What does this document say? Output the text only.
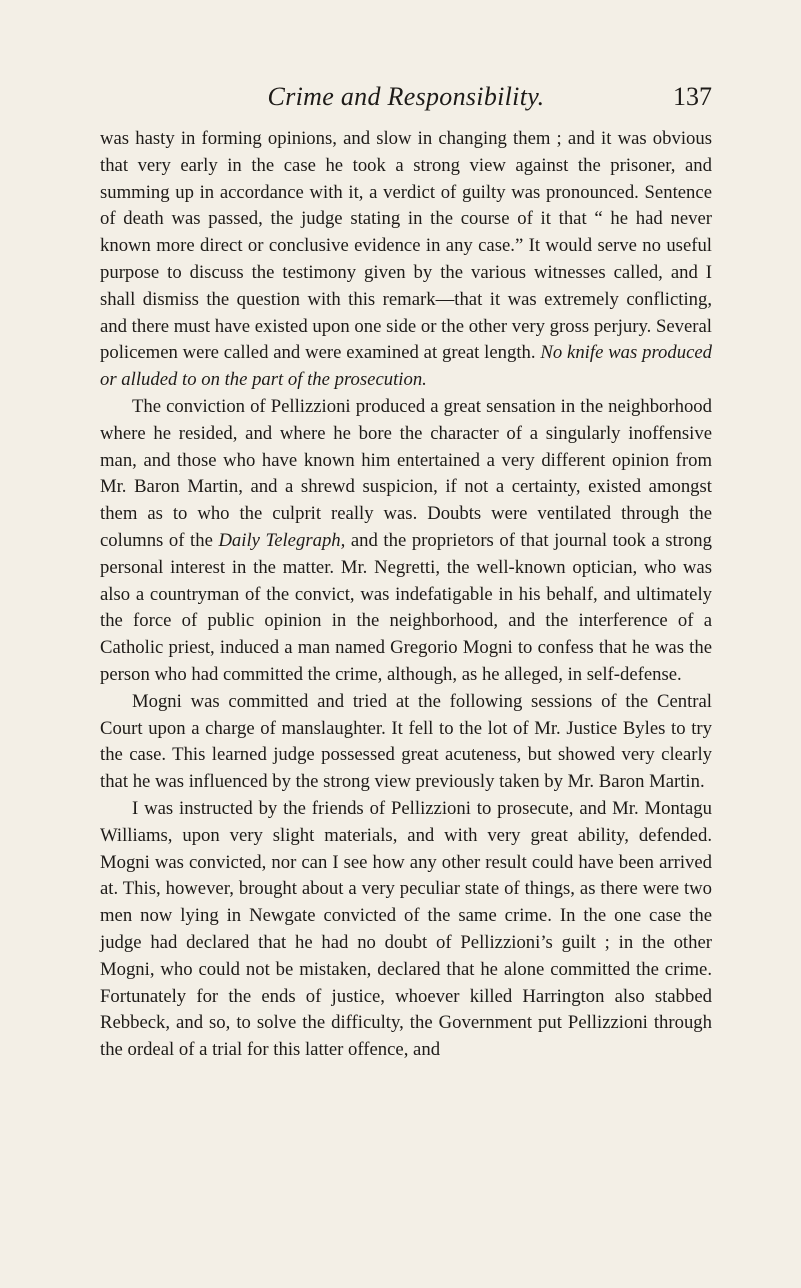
Crime and Responsibility.	137

was hasty in forming opinions, and slow in changing them ; and it was obvious that very early in the case he took a strong view against the prisoner, and summing up in accordance with it, a verdict of guilty was pronounced. Sentence of death was passed, the judge stating in the course of it that “ he had never known more direct or conclusive evidence in any case.” It would serve no useful purpose to discuss the testimony given by the various witnesses called, and I shall dismiss the question with this remark—that it was extremely conflicting, and there must have existed upon one side or the other very gross perjury. Several policemen were called and were examined at great length. No knife was produced or alluded to on the part of the prosecution.

The conviction of Pellizzioni produced a great sensation in the neighborhood where he resided, and where he bore the character of a singularly inoffensive man, and those who have known him entertained a very different opinion from Mr. Baron Martin, and a shrewd suspicion, if not a certainty, existed amongst them as to who the culprit really was. Doubts were ventilated through the columns of the Daily Telegraph, and the proprietors of that journal took a strong personal interest in the matter. Mr. Negretti, the well-known optician, who was also a countryman of the convict, was indefatigable in his behalf, and ultimately the force of public opinion in the neighborhood, and the interference of a Catholic priest, induced a man named Gregorio Mogni to confess that he was the person who had committed the crime, although, as he alleged, in self-defense.

Mogni was committed and tried at the following sessions of the Central Court upon a charge of manslaughter. It fell to the lot of Mr. Justice Byles to try the case. This learned judge possessed great acuteness, but showed very clearly that he was influenced by the strong view previously taken by Mr. Baron Martin.

I was instructed by the friends of Pellizzioni to prosecute, and Mr. Montagu Williams, upon very slight materials, and with very great ability, defended. Mogni was convicted, nor can I see how any other result could have been arrived at. This, however, brought about a very peculiar state of things, as there were two men now lying in Newgate convicted of the same crime. In the one case the judge had declared that he had no doubt of Pellizzioni’s guilt ; in the other Mogni, who could not be mistaken, declared that he alone committed the crime. Fortunately for the ends of justice, whoever killed Harrington also stabbed Rebbeck, and so, to solve the difficulty, the Government put Pellizzioni through the ordeal of a trial for this latter offence, and
